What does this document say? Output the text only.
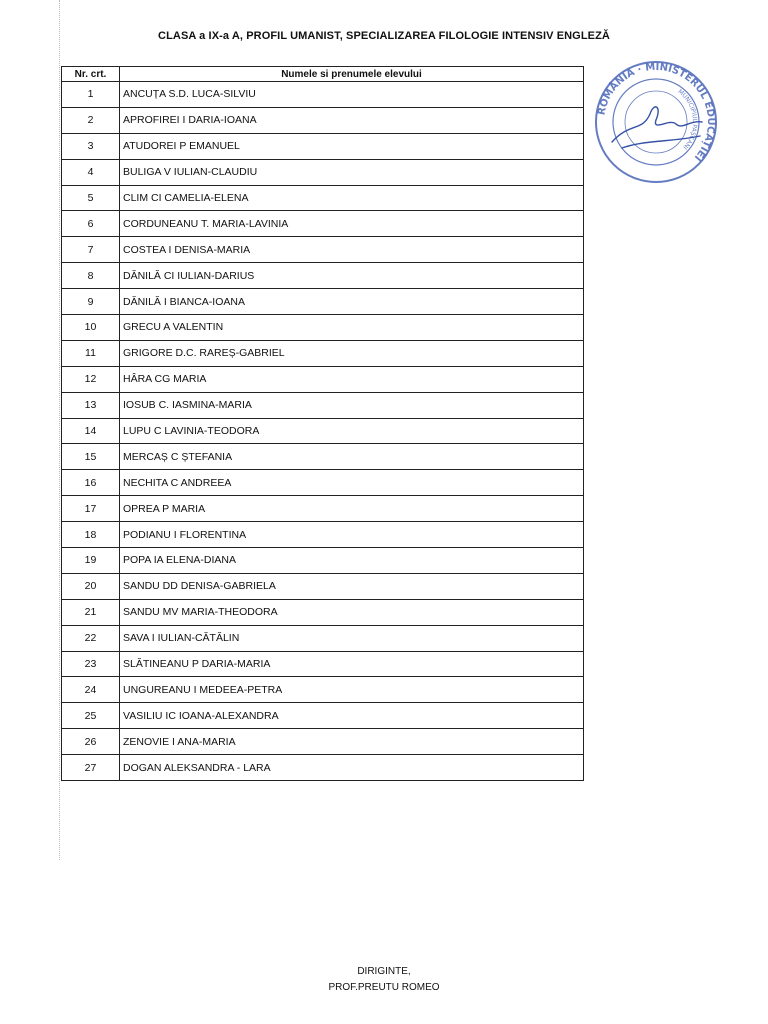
CLASA a IX-a A, PROFIL UMANIST, SPECIALIZAREA FILOLOGIE INTENSIV ENGLEZĂ
Nr. crt.	Numele si prenumele elevului
1	ANCUȚA S.D. LUCA-SILVIU
2	APROFIREI I DARIA-IOANA
3	ATUDOREI P EMANUEL
4	BULIGA V IULIAN-CLAUDIU
5	CLIM CI CAMELIA-ELENA
6	CORDUNEANU T. MARIA-LAVINIA
7	COSTEA I DENISA-MARIA
8	DĂNILĂ CI IULIAN-DARIUS
9	DĂNILĂ I BIANCA-IOANA
10	GRECU A VALENTIN
11	GRIGORE D.C. RAREȘ-GABRIEL
12	HÂRA CG MARIA
13	IOSUB C. IASMINA-MARIA
14	LUPU C LAVINIA-TEODORA
15	MERCAȘ C ȘTEFANIA
16	NECHITA C ANDREEA
17	OPREA P MARIA
18	PODIANU I FLORENTINA
19	POPA IA ELENA-DIANA
20	SANDU DD DENISA-GABRIELA
21	SANDU MV MARIA-THEODORA
22	SAVA I IULIAN-CĂTĂLIN
23	SLĂTINEANU P DARIA-MARIA
24	UNGUREANU I MEDEEA-PETRA
25	VASILIU IC IOANA-ALEXANDRA
26	ZENOVIE I ANA-MARIA
27	DOGAN ALEKSANDRA - LARA
ROMÂNIA · MINISTERUL EDUCAȚIEI
MUNICIPIUL PAȘCANI
DIRIGINTE,
PROF.PREUTU ROMEO
